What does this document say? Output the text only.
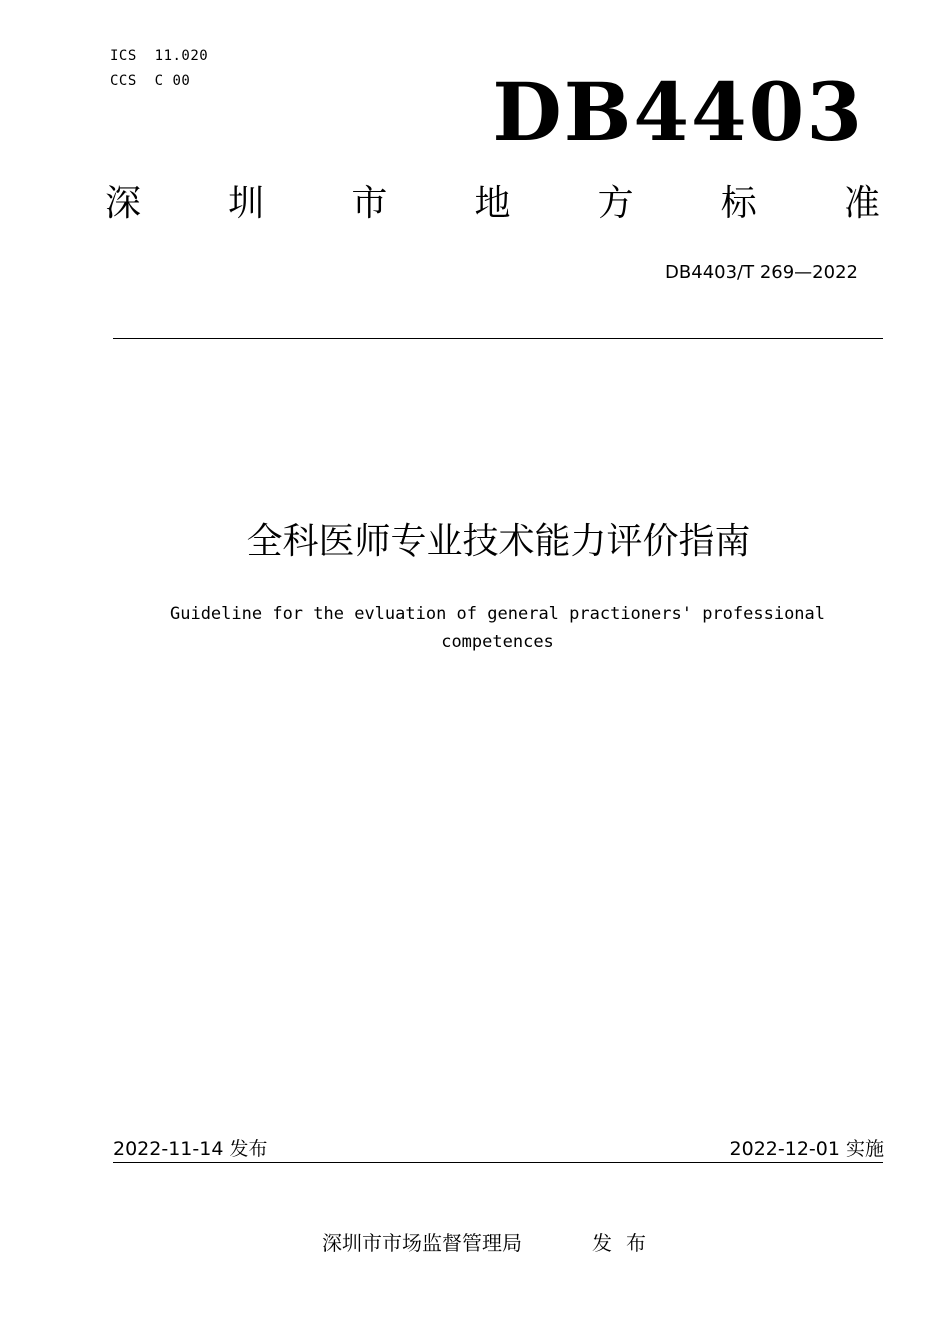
ICS  11.020
CCS  C 00	DB4403
深 圳 市 地 方 标 准
DB4403/T 269—2022
全科医师专业技术能力评价指南
Guideline for the evluation of general practioners' professional competences
2022-11-14 发布	2022-12-01 实施
深圳市市场监督管理局	发布
